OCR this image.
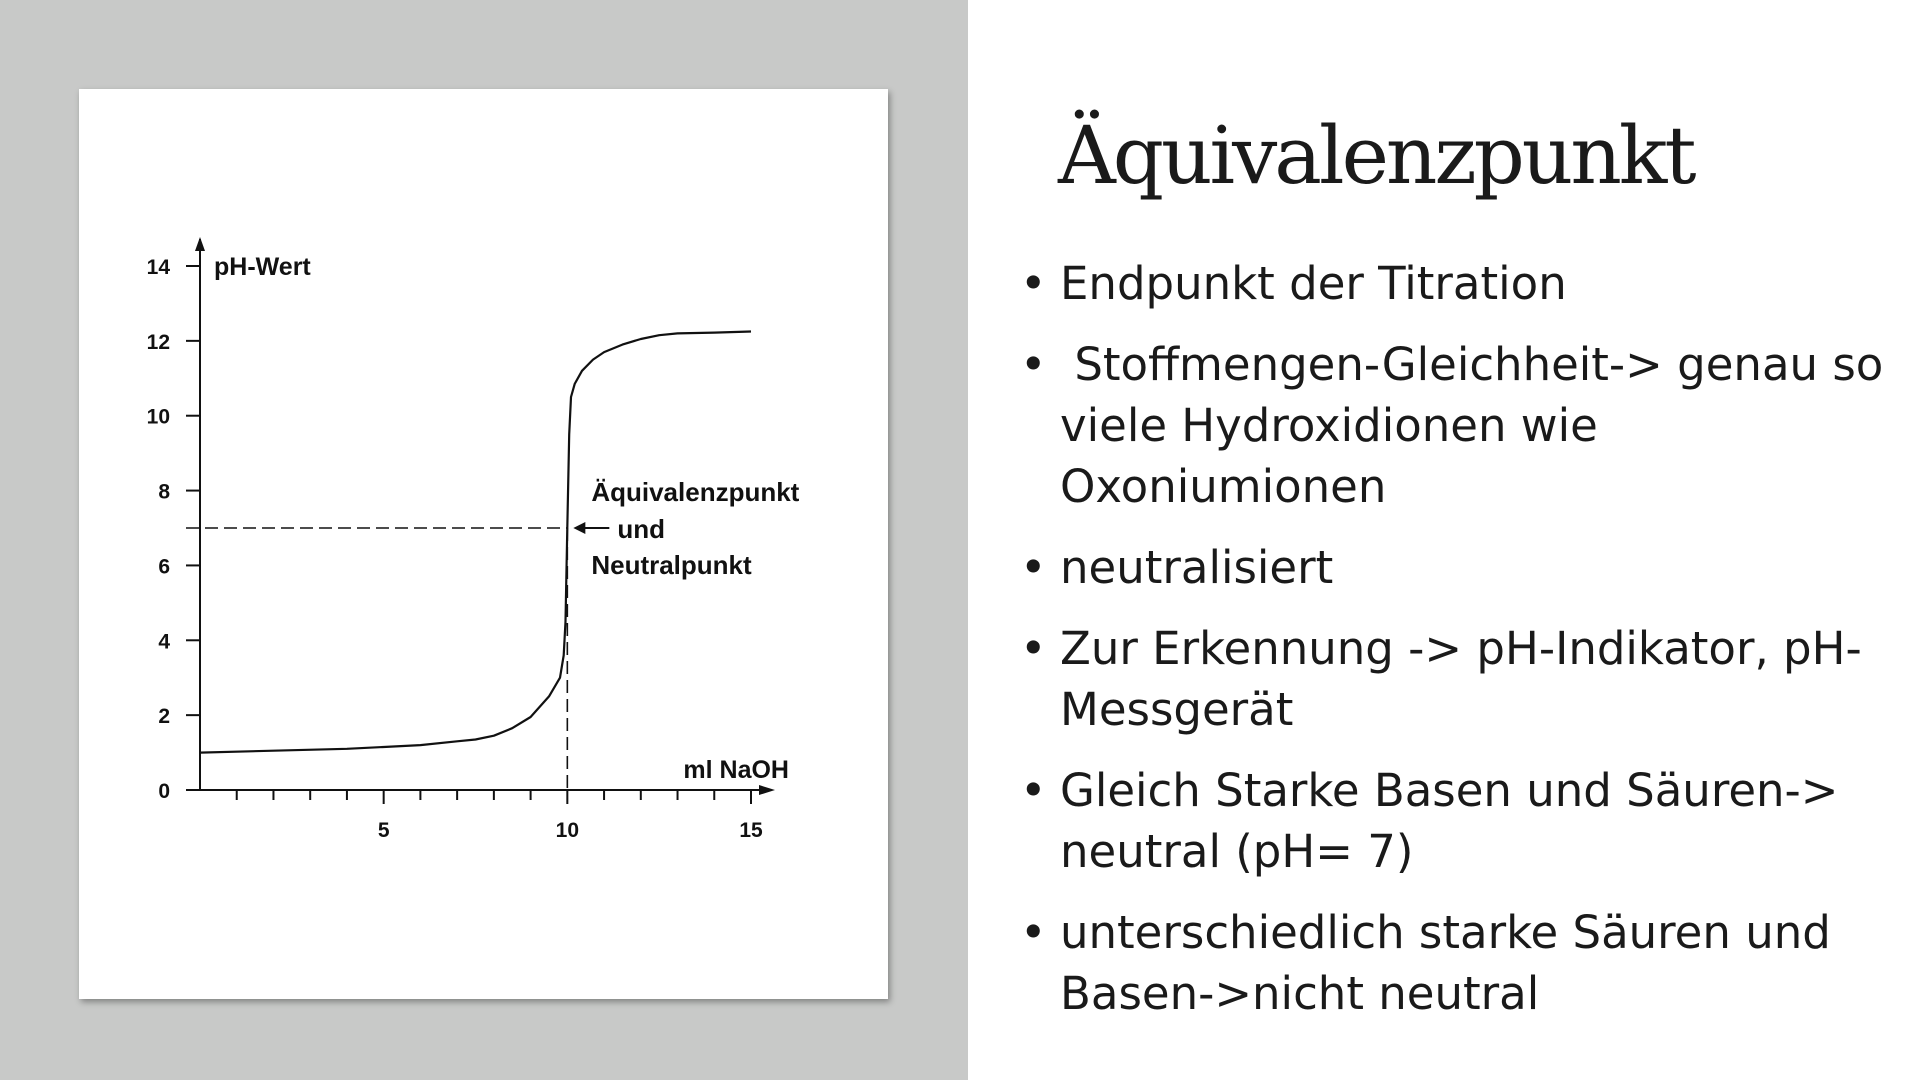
0
2
4
6
8
10
12
14
5	10	15
pH-Wert
ml NaOH
Äquivalenzpunkt
und
Neutralpunkt
Äquivalenzpunkt
• Endpunkt der Titration
• Stoffmengen-Gleichheit-> genau so viele Hydroxidionen wie Oxoniumionen
• neutralisiert
• Zur Erkennung -> pH-Indikator, pH-Messgerät
• Gleich Starke Basen und Säuren-> neutral (pH= 7)
• unterschiedlich starke Säuren und Basen->nicht neutral
